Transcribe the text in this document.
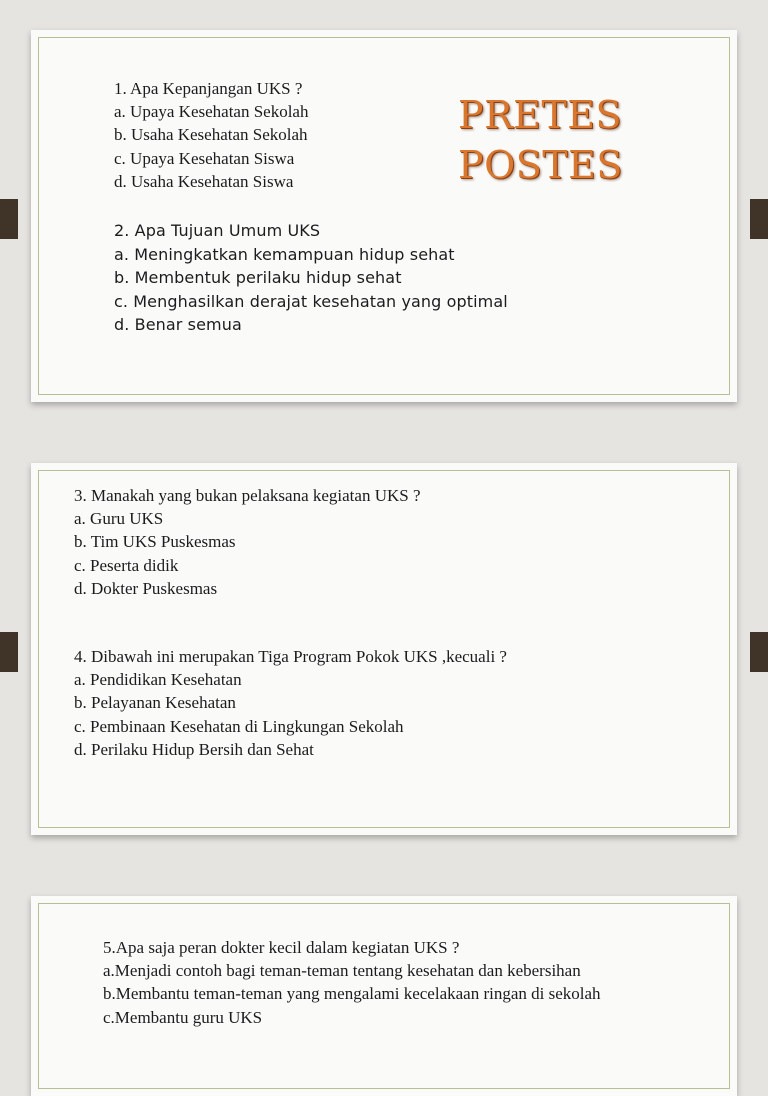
1. Apa Kepanjangan UKS ?
a. Upaya Kesehatan Sekolah
b. Usaha Kesehatan Sekolah
c. Upaya Kesehatan Siswa
d. Usaha Kesehatan Siswa
PRETES
POSTES
2. Apa Tujuan Umum UKS
a. Meningkatkan kemampuan hidup sehat
b. Membentuk perilaku hidup sehat
c. Menghasilkan derajat kesehatan yang optimal
d. Benar semua
3. Manakah yang bukan pelaksana kegiatan UKS ?
a. Guru UKS
b. Tim UKS Puskesmas
c. Peserta didik
d. Dokter Puskesmas
4. Dibawah ini merupakan Tiga Program Pokok UKS ,kecuali ?
a. Pendidikan Kesehatan
b. Pelayanan Kesehatan
c. Pembinaan Kesehatan di Lingkungan Sekolah
d. Perilaku Hidup Bersih dan Sehat
5.Apa saja peran dokter kecil dalam kegiatan UKS ?
a.Menjadi contoh bagi teman-teman tentang kesehatan dan kebersihan
b.Membantu teman-teman yang mengalami kecelakaan ringan di sekolah
c.Membantu guru UKS
